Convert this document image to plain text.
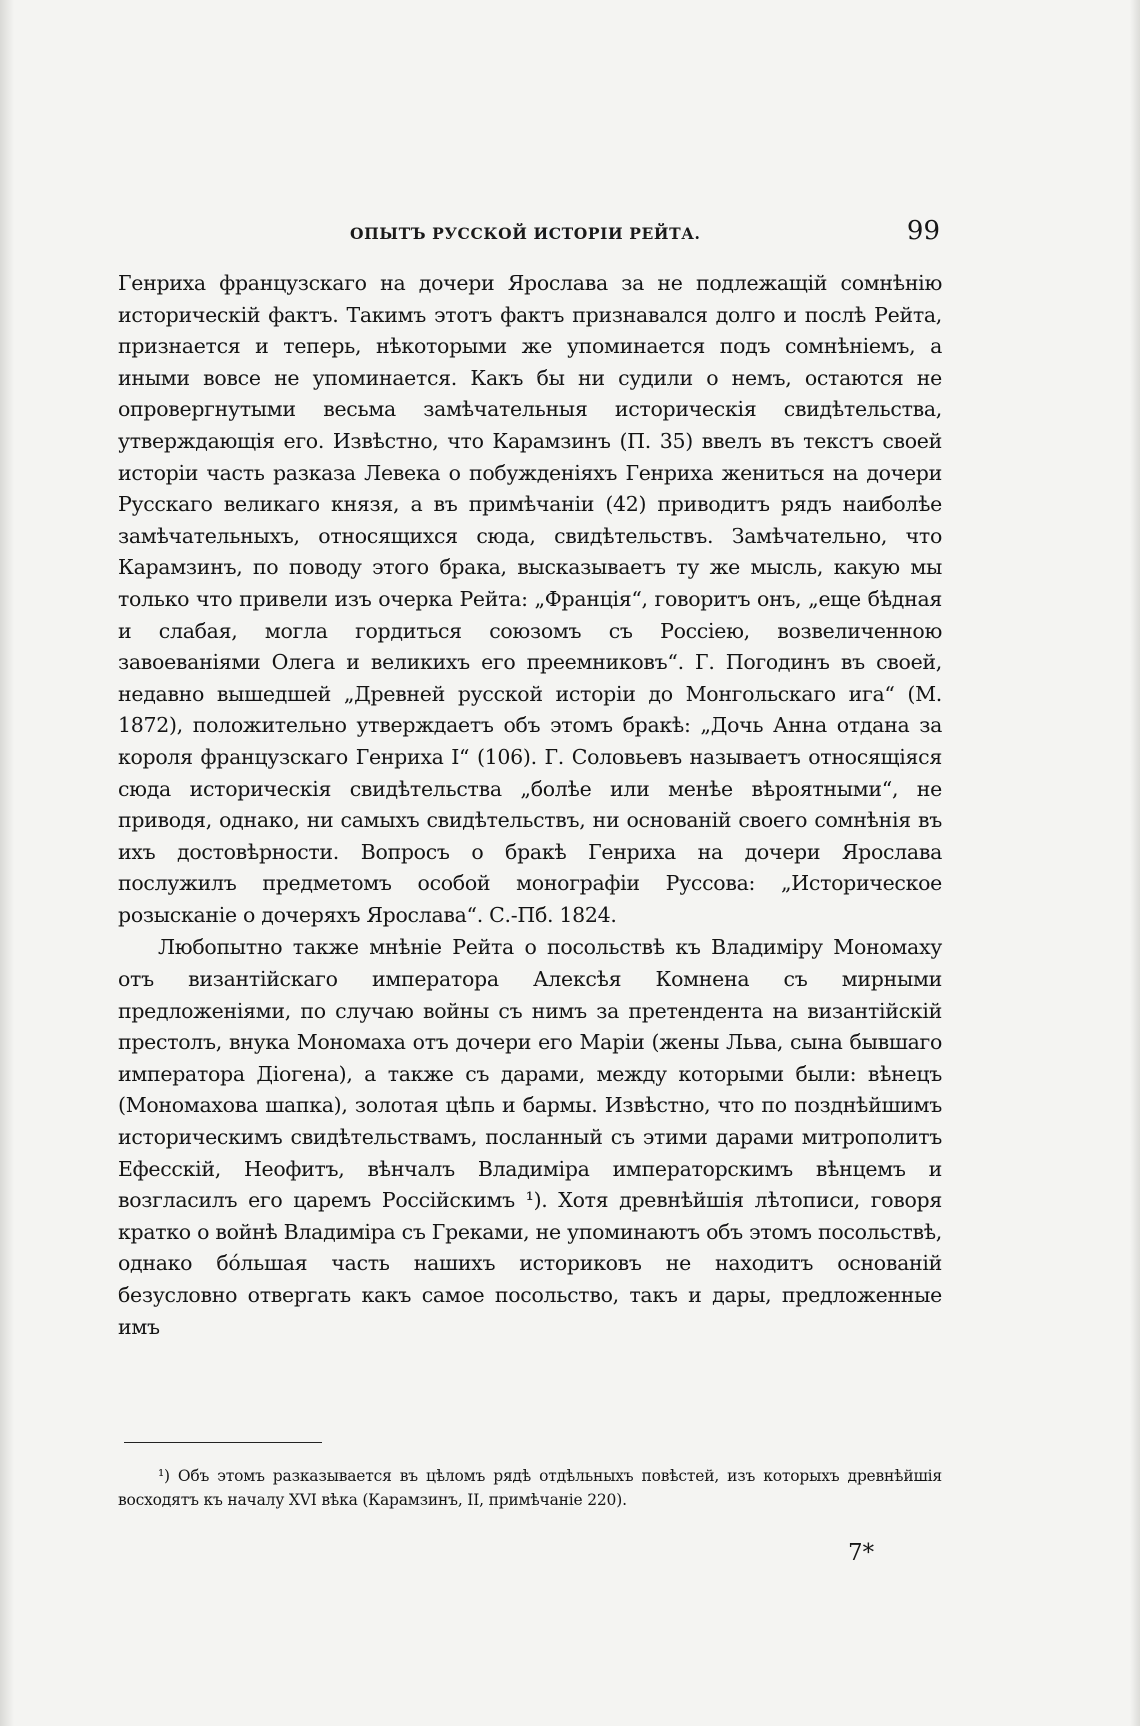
ОПЫТЪ РУССКОЙ ИСТОРІИ РЕЙТА.	99

Генриха французскаго на дочери Ярослава за не подлежащій сомнѣнію историческій фактъ. Такимъ этотъ фактъ признавался долго и послѣ Рейта, признается и теперь, нѣкоторыми же упоминается подъ сомнѣніемъ, а иными вовсе не упоминается. Какъ бы ни судили о немъ, остаются не опровергнутыми весьма замѣчательныя историческія свидѣтельства, утверждающія его. Извѣстно, что Карамзинъ (П. 35) ввелъ въ текстъ своей исторіи часть разказа Левека о побужденіяхъ Генриха жениться на дочери Русскаго великаго князя, а въ примѣчаніи (42) приводитъ рядъ наиболѣе замѣчательныхъ, относящихся сюда, свидѣтельствъ. Замѣчательно, что Карамзинъ, по поводу этого брака, высказываетъ ту же мысль, какую мы только что привели изъ очерка Рейта: „Франція“, говоритъ онъ, „еще бѣдная и слабая, могла гордиться союзомъ съ Россіею, возвеличенною завоеваніями Олега и великихъ его преемниковъ“. Г. Погодинъ въ своей, недавно вышедшей „Древней русской исторіи до Монгольскаго ига“ (М. 1872), положительно утверждаетъ объ этомъ бракѣ: „Дочь Анна отдана за короля французскаго Генриха I“ (106). Г. Соловьевъ называетъ относящіяся сюда историческія свидѣтельства „болѣе или менѣе вѣроятными“, не приводя, однако, ни самыхъ свидѣтельствъ, ни основаній своего сомнѣнія въ ихъ достовѣрности. Вопросъ о бракѣ Генриха на дочери Ярослава послужилъ предметомъ особой монографіи Руссова: „Историческое розысканіе о дочеряхъ Ярослава“. С.-Пб. 1824.

Любопытно также мнѣніе Рейта о посольствѣ къ Владиміру Мономаху отъ византійскаго императора Алексѣя Комнена съ мирными предложеніями, по случаю войны съ нимъ за претендента на византійскій престолъ, внука Мономаха отъ дочери его Маріи (жены Льва, сына бывшаго императора Діогена), а также съ дарами, между которыми были: вѣнецъ (Мономахова шапка), золотая цѣпь и бармы. Извѣстно, что по позднѣйшимъ историческимъ свидѣтельствамъ, посланный съ этими дарами митрополитъ Ефесскій, Неофитъ, вѣнчалъ Владиміра императорскимъ вѣнцемъ и возгласилъ его царемъ Россійскимъ ¹). Хотя древнѣйшія лѣтописи, говоря кратко о войнѣ Владиміра съ Греками, не упоминаютъ объ этомъ посольствѣ, однако бо́льшая часть нашихъ историковъ не находитъ основаній безусловно отвергать какъ самое посольство, такъ и дары, предложенные имъ

¹) Объ этомъ разказывается въ цѣломъ рядѣ отдѣльныхъ повѣстей, изъ которыхъ древнѣйшія восходятъ къ началу XVI вѣка (Карамзинъ, II, примѣчаніе 220).

7*
